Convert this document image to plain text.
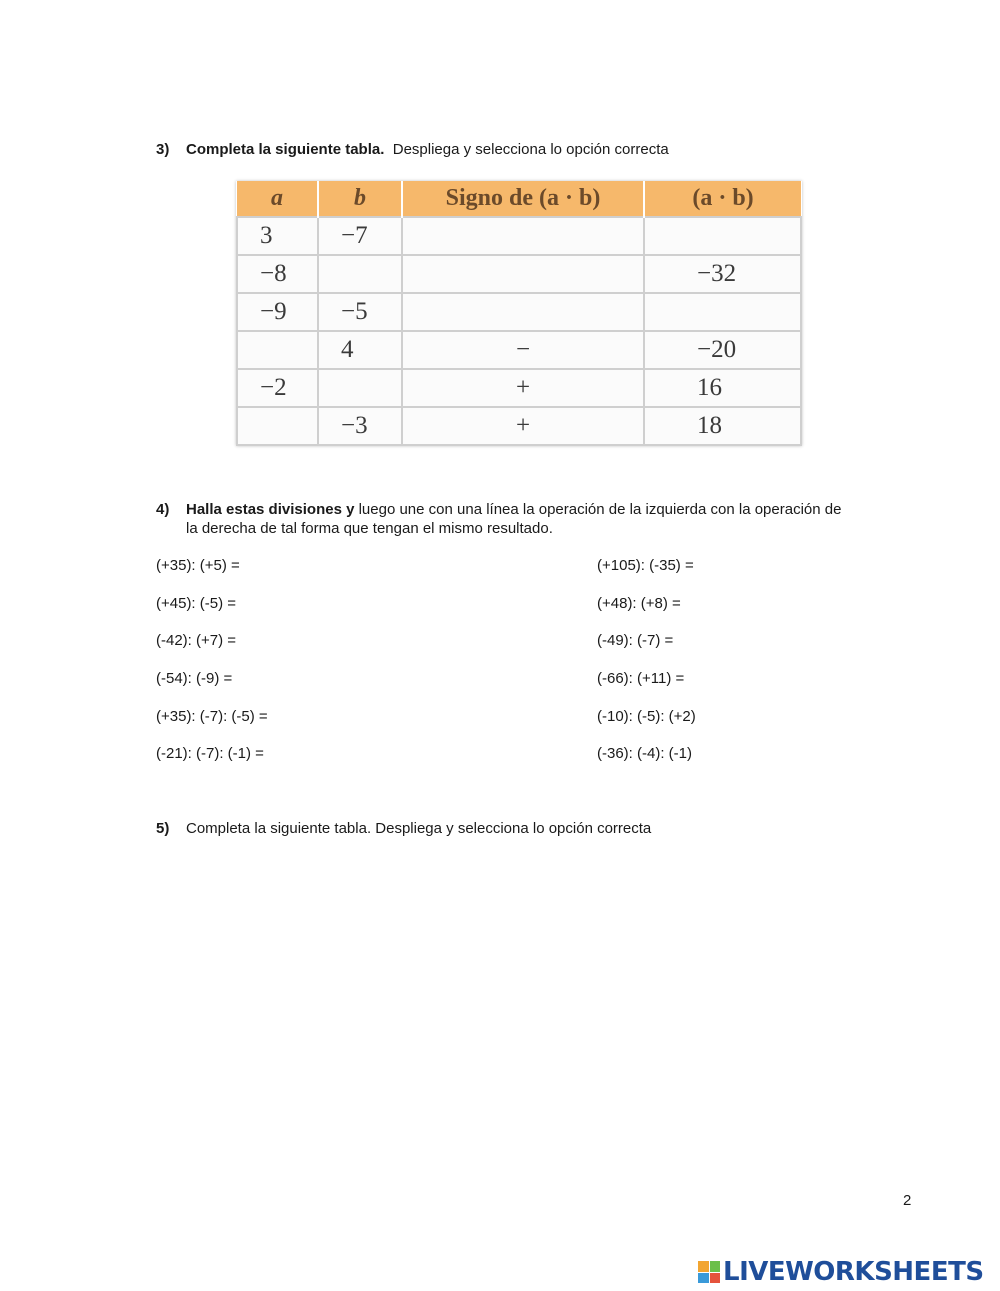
3) Completa la siguiente tabla. Despliega y selecciona lo opción correcta
a	b	Signo de (a · b)	(a · b)
3	−7		
−8			−32
−9	−5		
	4	−	−20
−2		+	16
	−3	+	18
4) Halla estas divisiones y luego une con una línea la operación de la izquierda con la operación de
la derecha de tal forma que tengan el mismo resultado.
(+35): (+5) =
(+45): (-5) =
(-42): (+7) =
(-54): (-9) =
(+35): (-7): (-5) =
(-21): (-7): (-1) =
(+105): (-35) =
(+48): (+8) =
(-49): (-7) =
(-66): (+11) =
(-10): (-5): (+2)
(-36): (-4): (-1)
5) Completa la siguiente tabla. Despliega y selecciona lo opción correcta
2
LIVEWORKSHEETS
